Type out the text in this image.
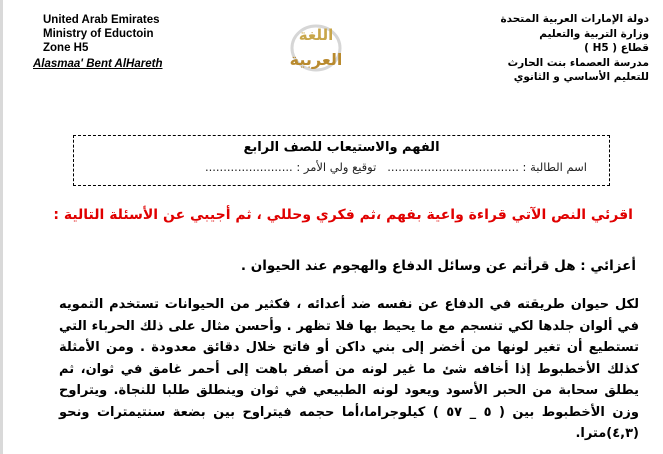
United Arab Emirates
Ministry of Eductoin
Zone H5
Alasmaa' Bent AlHareth
اللغة
العربية
دولة الإمارات العربية المتحدة
وزارة التربية والتعليم
قطاع ( H5 )
مدرسة العصماء بنت الحارث
للتعليم الأساسي و الثانوي
الفهم والاستيعاب للصف الرابع
اسم الطالبة : ....................................   توقيع ولي الأمر : ........................
اقرئي النص الآتي قراءة واعية بفهم ،ثم فكري وحللي ، ثم أجيبي عن الأسئلة التالية :
أعزائي : هل قرأتم عن وسائل الدفاع والهجوم عند الحيوان .
لكل حيوان طريقته في الدفاع عن نفسه ضد أعدائه ، فكثير من الحيوانات تستخدم التمويه في ألوان جلدها لكي تنسجم مع ما يحيط بها فلا تظهر . وأحسن مثال على ذلك الحرباء التي تستطيع أن تغير لونها من أخضر إلى بني داكن أو فاتح خلال دقائق معدودة . ومن الأمثلة كذلك الأخطبوط إذا أخافه شئ ما غير لونه من أصفر باهت إلى أحمر غامق في ثوان، ثم يطلق سحابة من الحبر الأسود ويعود لونه الطبيعي في ثوان وينطلق طلبا للنجاة. ويتراوح وزن الأخطبوط بين ( ٥ _ ٥٧ ) كيلوجراما،أما حجمه فيتراوح بين بضعة سنتيمترات ونحو (٤,٣)مترا.
